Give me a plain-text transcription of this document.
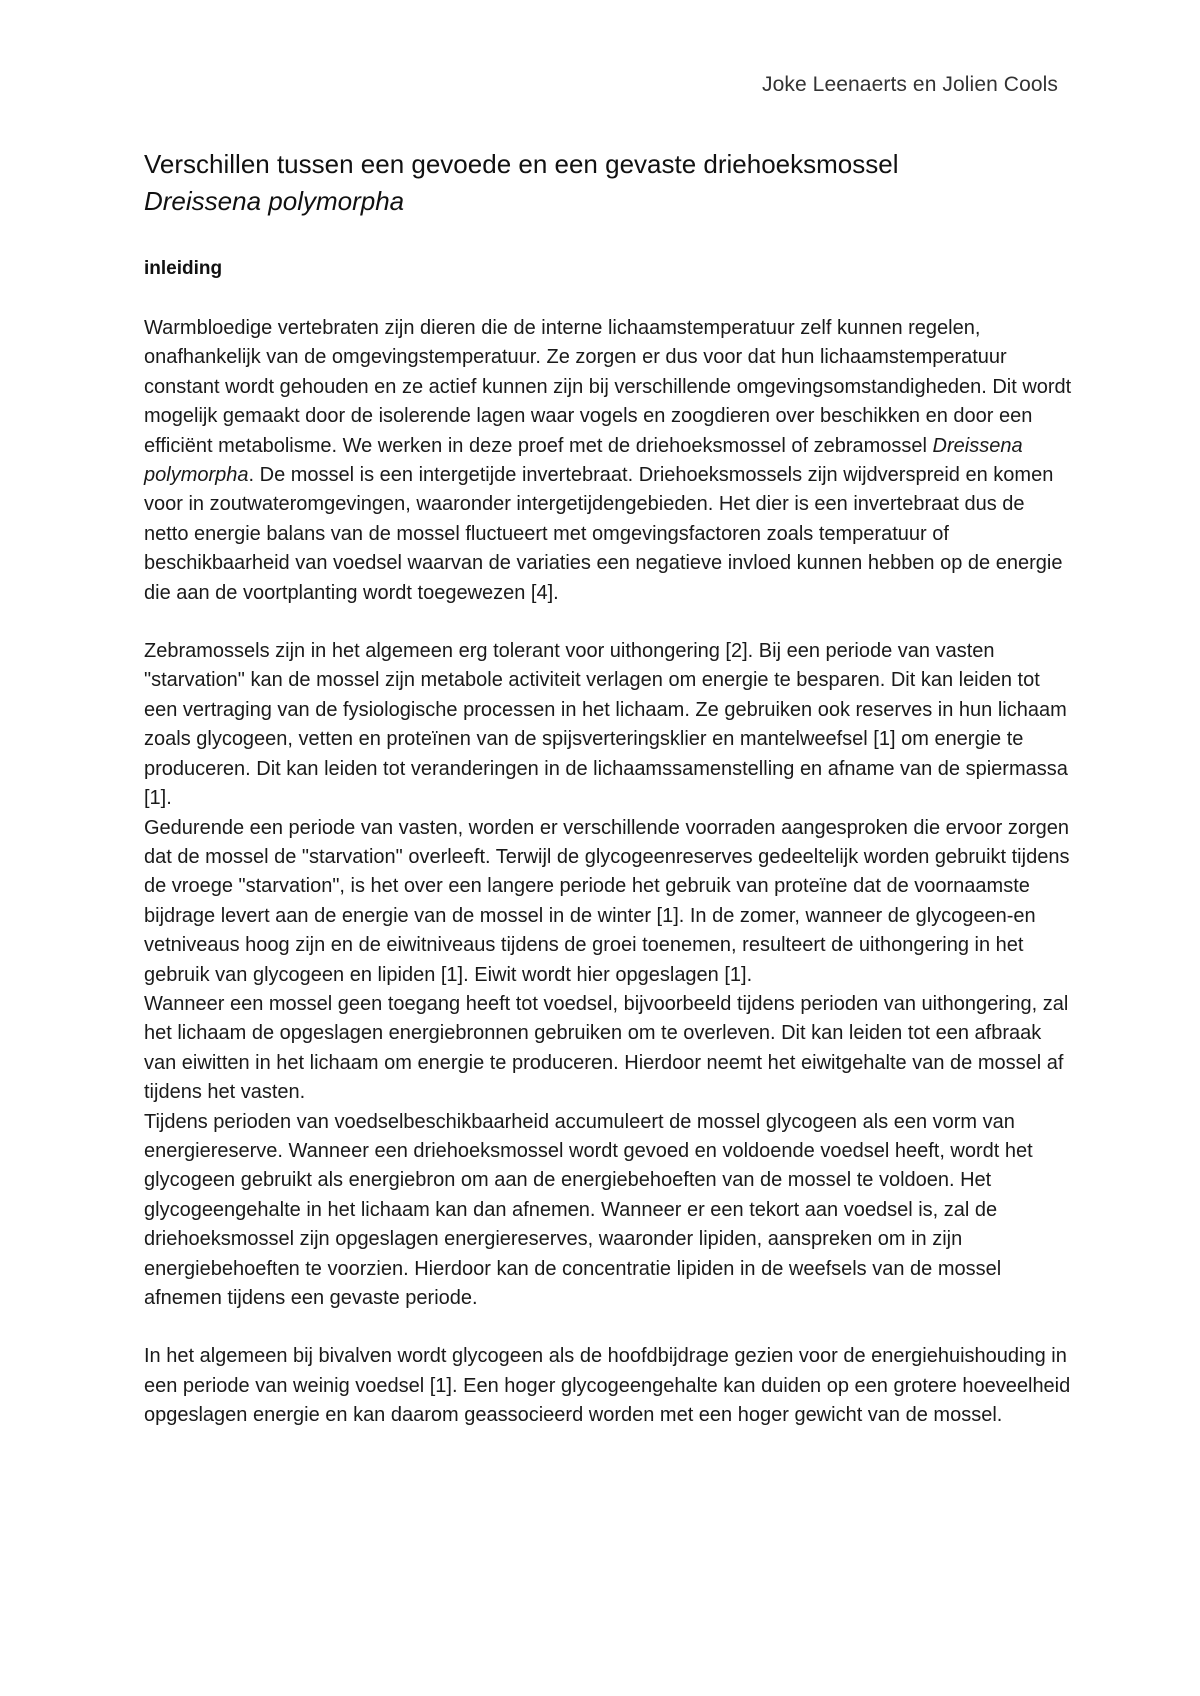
Joke Leenaerts en Jolien Cools
Verschillen tussen een gevoede en een gevaste driehoeksmossel

Dreissena polymorpha

inleiding

Warmbloedige vertebraten zijn dieren die de interne lichaamstemperatuur zelf kunnen regelen, onafhankelijk van de omgevingstemperatuur. Ze zorgen er dus voor dat hun lichaamstemperatuur constant wordt gehouden en ze actief kunnen zijn bij verschillende omgevingsomstandigheden. Dit wordt mogelijk gemaakt door de isolerende lagen waar vogels en zoogdieren over beschikken en door een efficiënt metabolisme. We werken in deze proef met de driehoeksmossel of zebramossel Dreissena polymorpha. De mossel is een intergetijde invertebraat. Driehoeksmossels zijn wijdverspreid en komen voor in zoutwateromgevingen, waaronder intergetijdengebieden. Het dier is een invertebraat dus de netto energie balans van de mossel fluctueert met omgevingsfactoren zoals temperatuur of beschikbaarheid van voedsel waarvan de variaties een negatieve invloed kunnen hebben op de energie die aan de voortplanting wordt toegewezen [4].

Zebramossels zijn in het algemeen erg tolerant voor uithongering [2]. Bij een periode van vasten "starvation" kan de mossel zijn metabole activiteit verlagen om energie te besparen. Dit kan leiden tot een vertraging van de fysiologische processen in het lichaam. Ze gebruiken ook reserves in hun lichaam zoals glycogeen, vetten en proteïnen van de spijsverteringsklier en mantelweefsel [1] om energie te produceren. Dit kan leiden tot veranderingen in de lichaamssamenstelling en afname van de spiermassa [1].

Gedurende een periode van vasten, worden er verschillende voorraden aangesproken die ervoor zorgen dat de mossel de "starvation" overleeft. Terwijl de glycogeenreserves gedeeltelijk worden gebruikt tijdens de vroege "starvation", is het over een langere periode het gebruik van proteïne dat de voornaamste bijdrage levert aan de energie van de mossel in de winter [1]. In de zomer, wanneer de glycogeen-en vetniveaus hoog zijn en de eiwitniveaus tijdens de groei toenemen, resulteert de uithongering in het gebruik van glycogeen en lipiden [1]. Eiwit wordt hier opgeslagen [1].

Wanneer een mossel geen toegang heeft tot voedsel, bijvoorbeeld tijdens perioden van uithongering, zal het lichaam de opgeslagen energiebronnen gebruiken om te overleven. Dit kan leiden tot een afbraak van eiwitten in het lichaam om energie te produceren. Hierdoor neemt het eiwitgehalte van de mossel af tijdens het vasten.

Tijdens perioden van voedselbeschikbaarheid accumuleert de mossel glycogeen als een vorm van energiereserve. Wanneer een driehoeksmossel wordt gevoed en voldoende voedsel heeft, wordt het glycogeen gebruikt als energiebron om aan de energiebehoeften van de mossel te voldoen. Het glycogeengehalte in het lichaam kan dan afnemen. Wanneer er een tekort aan voedsel is, zal de driehoeksmossel zijn opgeslagen energiereserves, waaronder lipiden, aanspreken om in zijn energiebehoeften te voorzien. Hierdoor kan de concentratie lipiden in de weefsels van de mossel afnemen tijdens een gevaste periode.

In het algemeen bij bivalven wordt glycogeen als de hoofdbijdrage gezien voor de energiehuishouding in een periode van weinig voedsel [1]. Een hoger glycogeengehalte kan duiden op een grotere hoeveelheid opgeslagen energie en kan daarom geassocieerd worden met een hoger gewicht van de mossel.
